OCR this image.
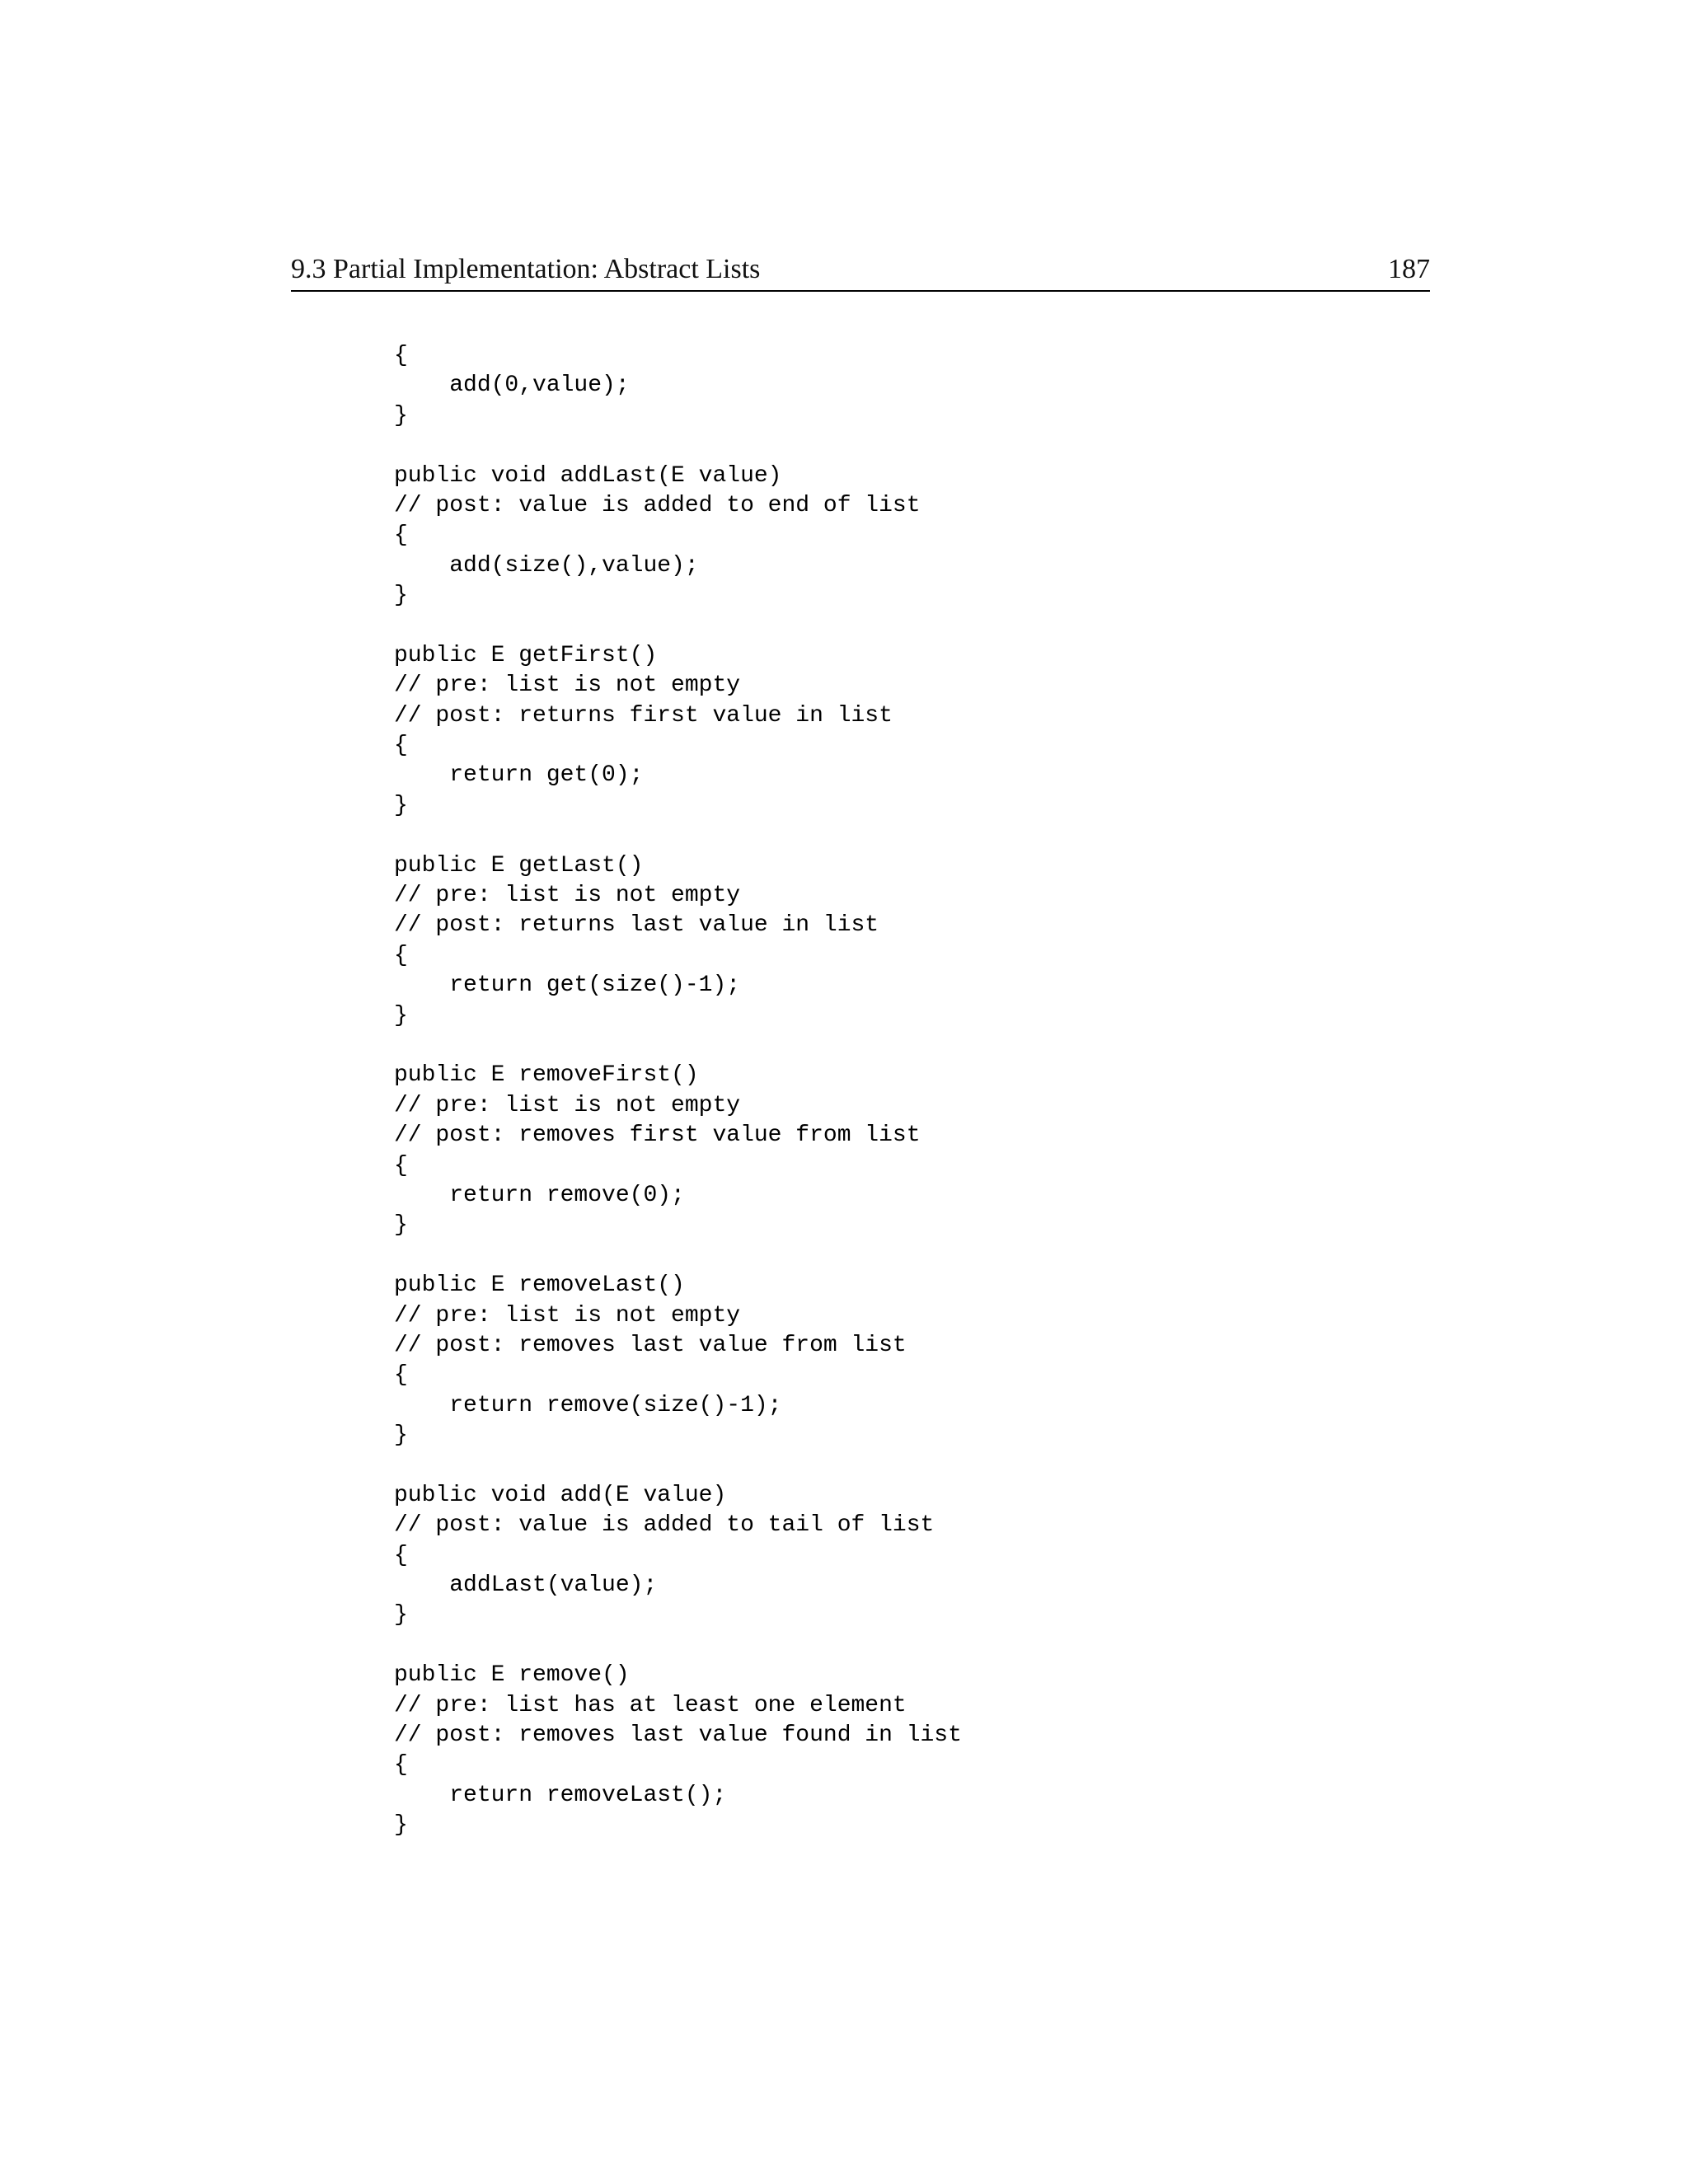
9.3 Partial Implementation: Abstract Lists	187
{
add(0,value);
}
public void addLast(E value)
// post: value is added to end of list
{
add(size(),value);
}
public E getFirst()
// pre: list is not empty
// post: returns first value in list
{
return get(0);
}
public E getLast()
// pre: list is not empty
// post: returns last value in list
{
return get(size()-1);
}
public E removeFirst()
// pre: list is not empty
// post: removes first value from list
{
return remove(0);
}
public E removeLast()
// pre: list is not empty
// post: removes last value from list
{
return remove(size()-1);
}
public void add(E value)
// post: value is added to tail of list
{
addLast(value);
}
public E remove()
// pre: list has at least one element
// post: removes last value found in list
{
return removeLast();
}
